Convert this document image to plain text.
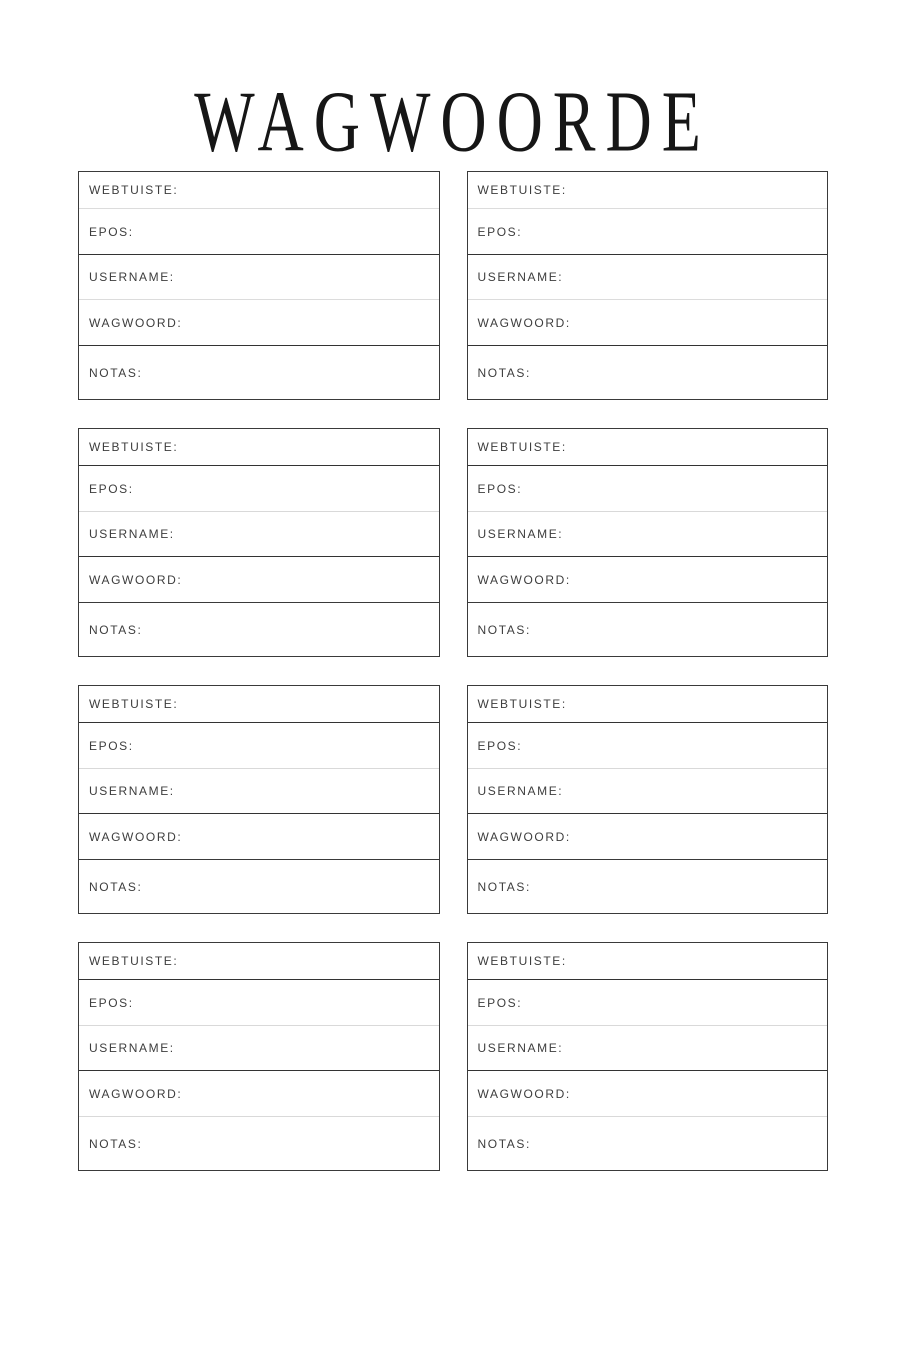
WAGWOORDE
WEBTUISTE:
EPOS:
USERNAME:
WAGWOORD:
NOTAS:
WEBTUISTE:
EPOS:
USERNAME:
WAGWOORD:
NOTAS:
WEBTUISTE:
EPOS:
USERNAME:
WAGWOORD:
NOTAS:
WEBTUISTE:
EPOS:
USERNAME:
WAGWOORD:
NOTAS:
WEBTUISTE:
EPOS:
USERNAME:
WAGWOORD:
NOTAS:
WEBTUISTE:
EPOS:
USERNAME:
WAGWOORD:
NOTAS:
WEBTUISTE:
EPOS:
USERNAME:
WAGWOORD:
NOTAS:
WEBTUISTE:
EPOS:
USERNAME:
WAGWOORD:
NOTAS:
